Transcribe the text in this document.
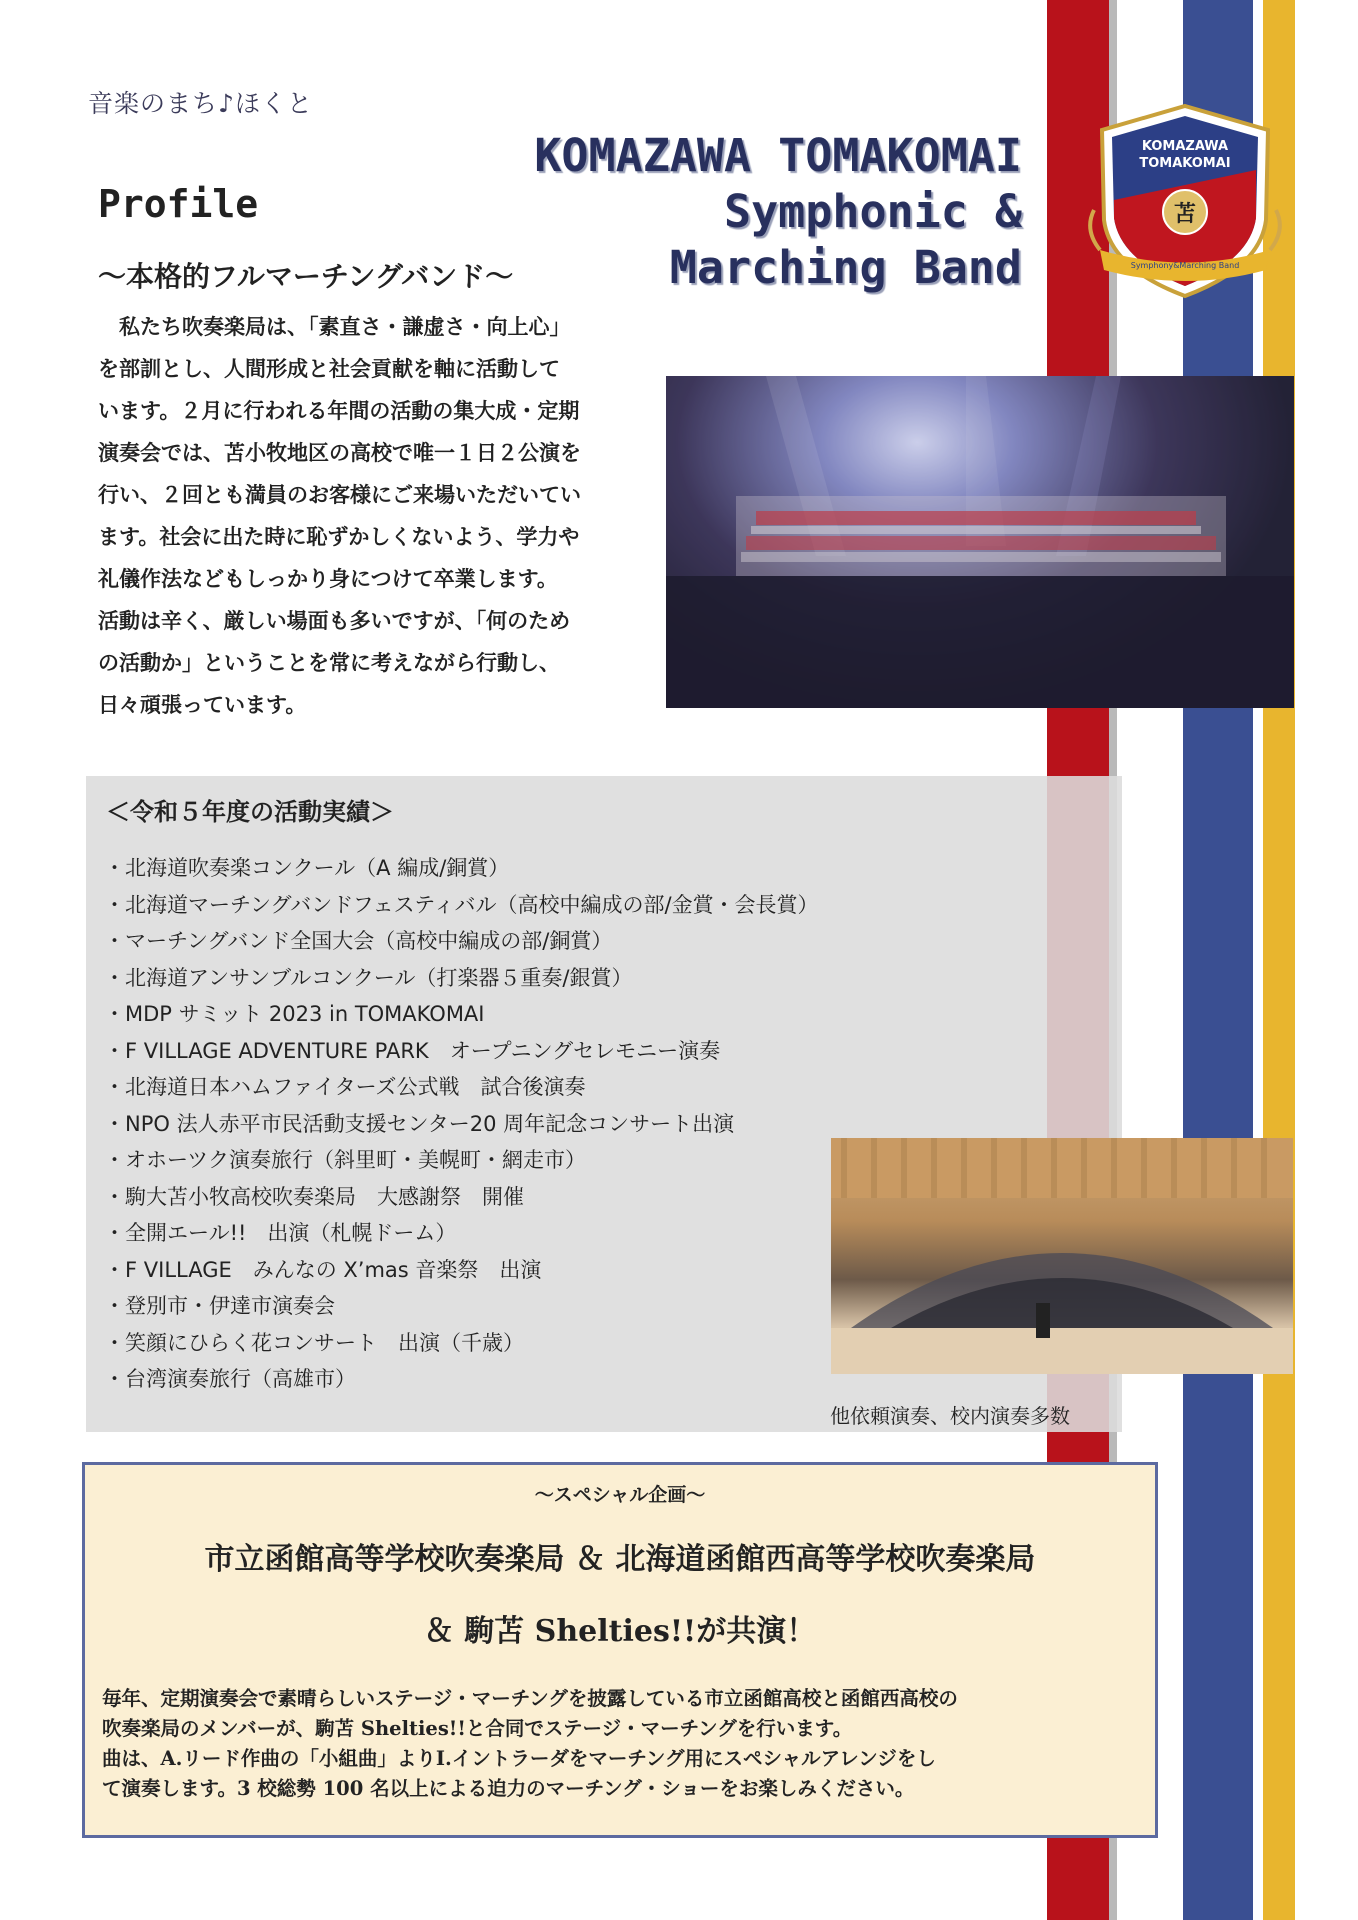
音楽のまち♪ほくと
KOMAZAWA TOMAKOMAI
Symphonic &
Marching Band
KOMAZAWA
TOMAKOMAI
苫
Symphony&Marching Band
Profile
～本格的フルマーチングバンド～
　私たち吹奏楽局は、「素直さ・謙虚さ・向上心」
を部訓とし、人間形成と社会貢献を軸に活動して
います。２月に行われる年間の活動の集大成・定期
演奏会では、苫小牧地区の高校で唯一１日２公演を
行い、２回とも満員のお客様にご来場いただいてい
ます。社会に出た時に恥ずかしくないよう、学力や
礼儀作法などもしっかり身につけて卒業します。
活動は辛く、厳しい場面も多いですが、「何のため
の活動か」ということを常に考えながら行動し、
日々頑張っています。
＜令和５年度の活動実績＞
・北海道吹奏楽コンクール（A 編成/銅賞）
・北海道マーチングバンドフェスティバル（高校中編成の部/金賞・会長賞）
・マーチングバンド全国大会（高校中編成の部/銅賞）
・北海道アンサンブルコンクール（打楽器５重奏/銀賞）
・MDP サミット 2023 in TOMAKOMAI
・F VILLAGE ADVENTURE PARK　オープニングセレモニー演奏
・北海道日本ハムファイターズ公式戦　試合後演奏
・NPO 法人赤平市民活動支援センター20 周年記念コンサート出演
・オホーツク演奏旅行（斜里町・美幌町・網走市）
・駒大苫小牧高校吹奏楽局　大感謝祭　開催
・全開エール!!　出演（札幌ドーム）
・F VILLAGE　みんなの X’mas 音楽祭　出演
・登別市・伊達市演奏会
・笑顔にひらく花コンサート　出演（千歳）
・台湾演奏旅行（高雄市）
他依頼演奏、校内演奏多数
～スペシャル企画～
市立函館高等学校吹奏楽局 ＆ 北海道函館西高等学校吹奏楽局
＆ 駒苫 Shelties!!が共演！
毎年、定期演奏会で素晴らしいステージ・マーチングを披露している市立函館高校と函館西高校の
吹奏楽局のメンバーが、駒苫 Shelties!!と合同でステージ・マーチングを行います。
曲は、A.リード作曲の「小組曲」よりⅠ.イントラーダをマーチング用にスペシャルアレンジをし
て演奏します。3 校総勢 100 名以上による迫力のマーチング・ショーをお楽しみください。
